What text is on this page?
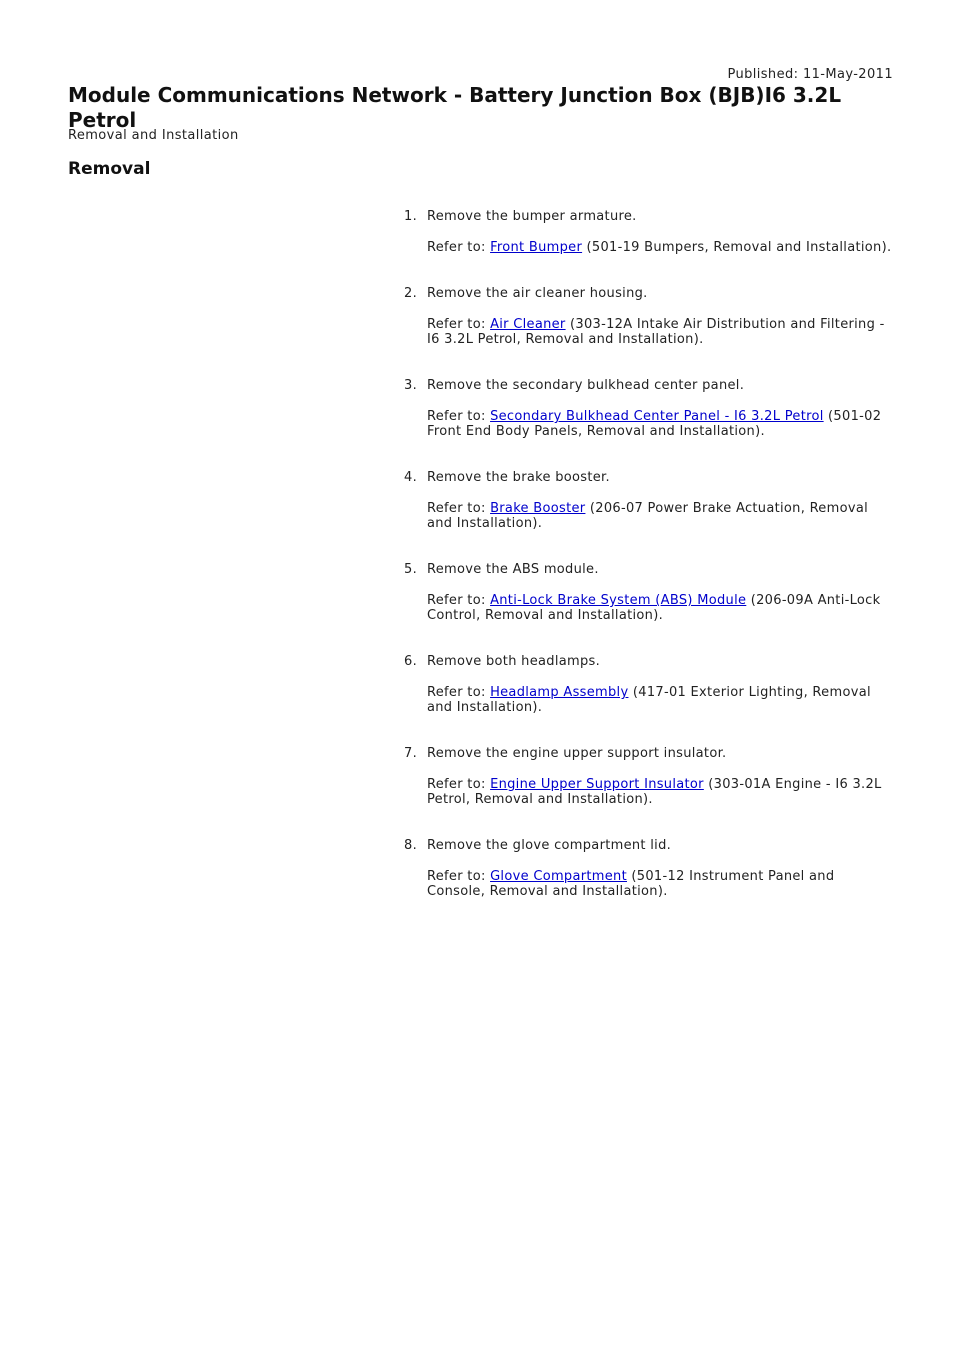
Published: 11-May-2011
Module Communications Network - Battery Junction Box (BJB)I6 3.2L Petrol
Removal and Installation
Removal
1. Remove the bumper armature.

Refer to: Front Bumper (501-19 Bumpers, Removal and Installation).

2. Remove the air cleaner housing.

Refer to: Air Cleaner (303-12A Intake Air Distribution and Filtering - I6 3.2L Petrol, Removal and Installation).

3. Remove the secondary bulkhead center panel.

Refer to: Secondary Bulkhead Center Panel - I6 3.2L Petrol (501-02 Front End Body Panels, Removal and Installation).

4. Remove the brake booster.

Refer to: Brake Booster (206-07 Power Brake Actuation, Removal and Installation).

5. Remove the ABS module.

Refer to: Anti-Lock Brake System (ABS) Module (206-09A Anti-Lock Control, Removal and Installation).

6. Remove both headlamps.

Refer to: Headlamp Assembly (417-01 Exterior Lighting, Removal and Installation).

7. Remove the engine upper support insulator.

Refer to: Engine Upper Support Insulator (303-01A Engine - I6 3.2L Petrol, Removal and Installation).

8. Remove the glove compartment lid.

Refer to: Glove Compartment (501-12 Instrument Panel and Console, Removal and Installation).
